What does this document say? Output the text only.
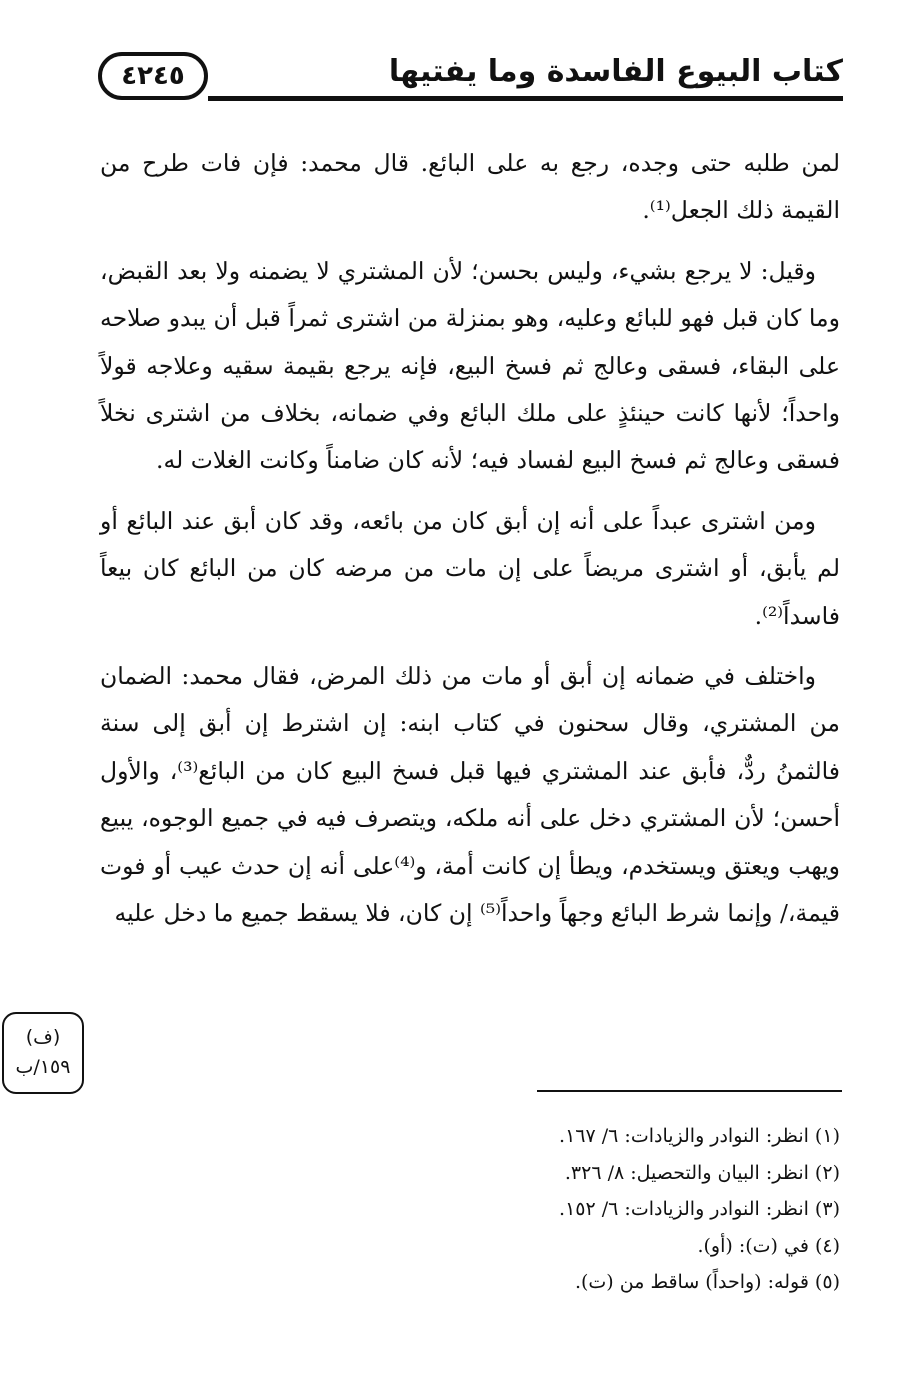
كتاب البيوع الفاسدة وما يفتيها
٤٢٤٥

لمن طلبه حتى وجده، رجع به على البائع. قال محمد: فإن فات طرح من القيمة ذلك الجعل⁽¹⁾.

وقيل: لا يرجع بشيء، وليس بحسن؛ لأن المشتري لا يضمنه ولا بعد القبض، وما كان قبل فهو للبائع وعليه، وهو بمنزلة من اشترى ثمراً قبل أن يبدو صلاحه على البقاء، فسقى وعالج ثم فسخ البيع، فإنه يرجع بقيمة سقيه وعلاجه قولاً واحداً؛ لأنها كانت حينئذٍ على ملك البائع وفي ضمانه، بخلاف من اشترى نخلاً فسقى وعالج ثم فسخ البيع لفساد فيه؛ لأنه كان ضامناً وكانت الغلات له.

ومن اشترى عبداً على أنه إن أبق كان من بائعه، وقد كان أبق عند البائع أو لم يأبق، أو اشترى مريضاً على إن مات من مرضه كان من البائع كان بيعاً فاسداً⁽²⁾.

واختلف في ضمانه إن أبق أو مات من ذلك المرض، فقال محمد: الضمان من المشتري، وقال سحنون في كتاب ابنه: إن اشترط إن أبق إلى سنة فالثمنُ ردٌّ، فأبق عند المشتري فيها قبل فسخ البيع كان من البائع⁽³⁾، والأول أحسن؛ لأن المشتري دخل على أنه ملكه، ويتصرف فيه في جميع الوجوه، يبيع ويهب ويعتق ويستخدم، ويطأ إن كانت أمة، و⁽⁴⁾على أنه إن حدث عيب أو فوت قيمة،/ وإنما شرط البائع وجهاً واحداً⁽⁵⁾ إن كان، فلا يسقط جميع ما دخل عليه

(ف)
١٥٩/ب
(١) انظر: النوادر والزيادات: ٦/ ١٦٧.
(٢) انظر: البيان والتحصيل: ٨/ ٣٢٦.
(٣) انظر: النوادر والزيادات: ٦/ ١٥٢.
(٤) في (ت): (أو).
(٥) قوله: (واحداً) ساقط من (ت).
